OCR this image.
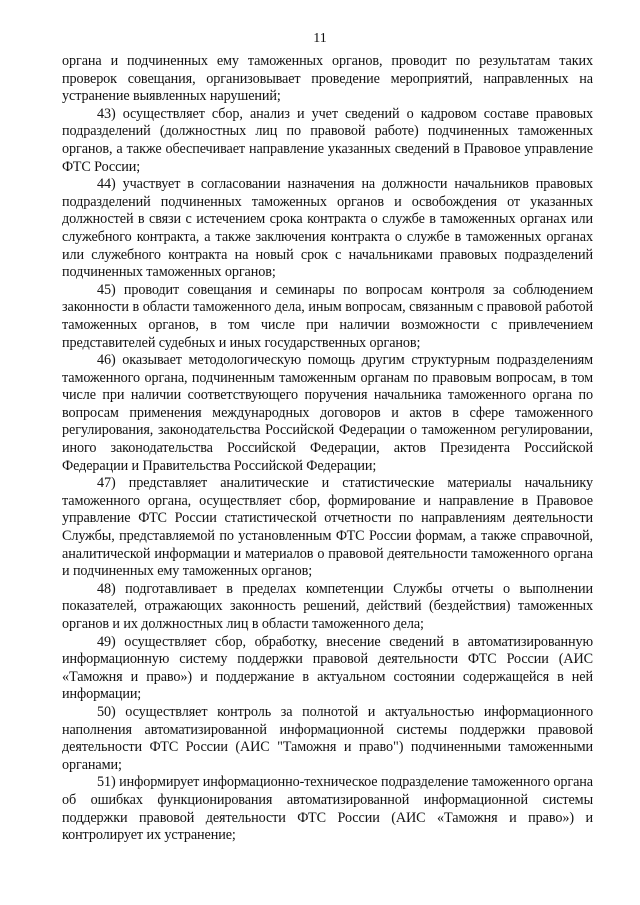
11

органа и подчиненных ему таможенных органов, проводит по результатам таких проверок совещания, организовывает проведение мероприятий, направленных на устранение выявленных нарушений;

43) осуществляет сбор, анализ и учет сведений о кадровом составе правовых подразделений (должностных лиц по правовой работе) подчиненных таможенных органов, а также обеспечивает направление указанных сведений в Правовое управление ФТС России;

44) участвует в согласовании назначения на должности начальников правовых подразделений подчиненных таможенных органов и освобождения от указанных должностей в связи с истечением срока контракта о службе в таможенных органах или служебного контракта, а также заключения контракта о службе в таможенных органах или служебного контракта на новый срок с начальниками правовых подразделений подчиненных таможенных органов;

45) проводит совещания и семинары по вопросам контроля за соблюдением законности в области таможенного дела, иным вопросам, связанным с правовой работой таможенных органов, в том числе при наличии возможности с привлечением представителей судебных и иных государственных органов;

46) оказывает методологическую помощь другим структурным подразделениям таможенного органа, подчиненным таможенным органам по правовым вопросам, в том числе при наличии соответствующего поручения начальника таможенного органа по вопросам применения международных договоров и актов в сфере таможенного регулирования, законодательства Российской Федерации о таможенном регулировании, иного законодательства Российской Федерации, актов Президента Российской Федерации и Правительства Российской Федерации;

47) представляет аналитические и статистические материалы начальнику таможенного органа, осуществляет сбор, формирование и направление в Правовое управление ФТС России статистической отчетности по направлениям деятельности Службы, представляемой по установленным ФТС России формам, а также справочной, аналитической информации и материалов о правовой деятельности таможенного органа и подчиненных ему таможенных органов;

48) подготавливает в пределах компетенции Службы отчеты о выполнении показателей, отражающих законность решений, действий (бездействия) таможенных органов и их должностных лиц в области таможенного дела;

49) осуществляет сбор, обработку, внесение сведений в автоматизированную информационную систему поддержки правовой деятельности ФТС России (АИС «Таможня и право») и поддержание в актуальном состоянии содержащейся в ней информации;

50) осуществляет контроль за полнотой и актуальностью информационного наполнения автоматизированной информационной системы поддержки правовой деятельности ФТС России (АИС "Таможня и право") подчиненными таможенными органами;

51) информирует информационно-техническое подразделение таможенного органа об ошибках функционирования автоматизированной информационной системы поддержки правовой деятельности ФТС России (АИС «Таможня и право») и контролирует их устранение;
